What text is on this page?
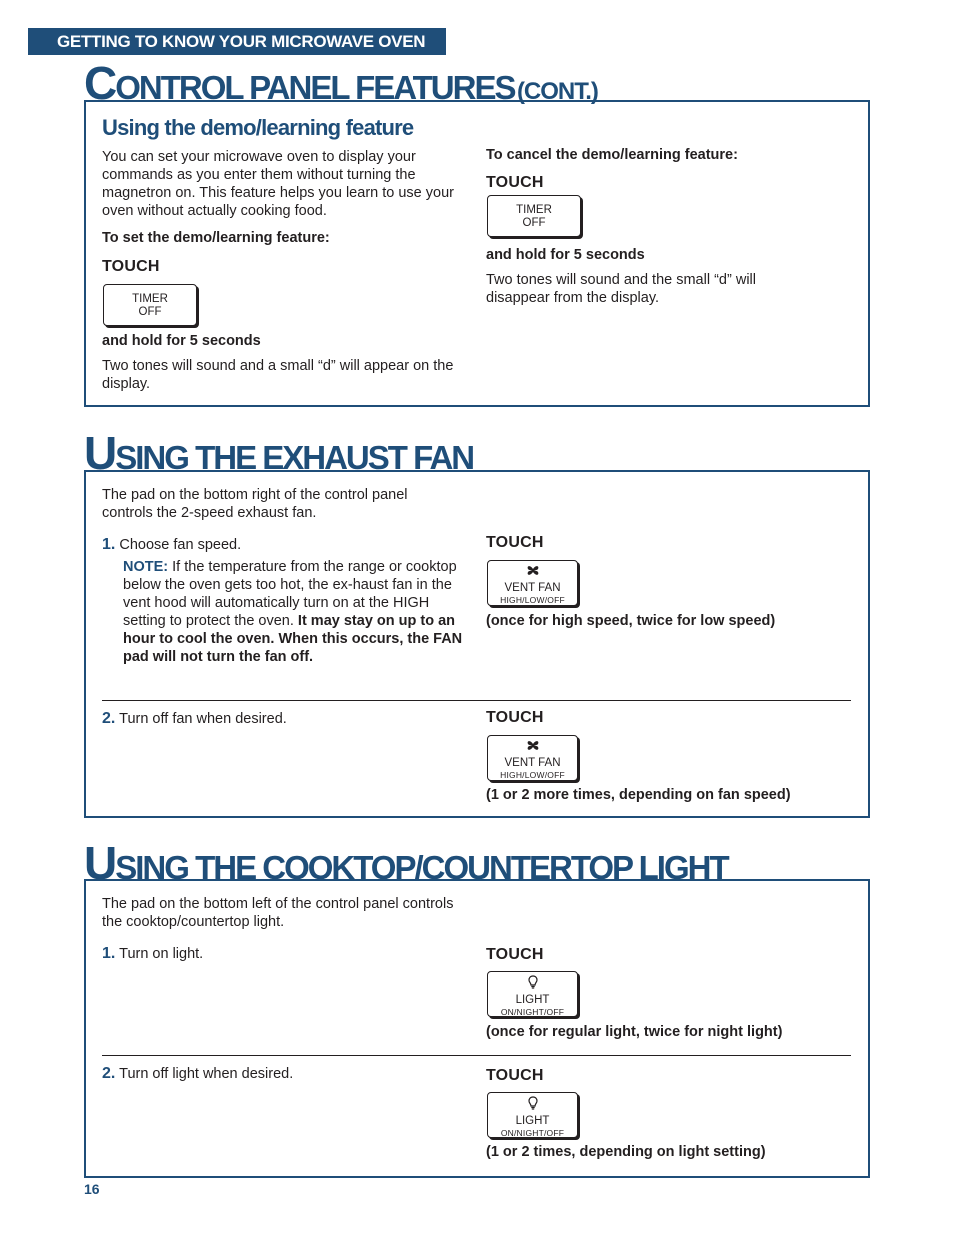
GETTING TO KNOW YOUR MICROWAVE OVEN
CONTROL PANEL FEATURES (CONT.)
Using the demo/learning feature
You can set your microwave oven to display your commands as you enter them without turning the magnetron on. This feature helps you learn to use your oven without actually cooking food.
To set the demo/learning feature:
TOUCH
TIMER
OFF
and hold for 5 seconds
Two tones will sound and a small “d” will appear on the display.
To cancel the demo/learning feature:
TOUCH
TIMER
OFF
and hold for 5 seconds
Two tones will sound and the small “d” will disappear from the display.
USING THE EXHAUST FAN
The pad on the bottom right of the control panel controls the 2-speed exhaust fan.
1. Choose fan speed.
NOTE: If the temperature from the range or cooktop below the oven gets too hot, the ex-haust fan in the vent hood will automatically turn on at the HIGH setting to protect the oven. It may stay on up to an hour to cool the oven. When this occurs, the FAN pad will not turn the fan off.
TOUCH
VENT FAN
HIGH/LOW/OFF
(once for high speed, twice for low speed)
2. Turn off fan when desired.	TOUCH
VENT FAN
HIGH/LOW/OFF
(1 or 2 more times, depending on fan speed)
USING THE COOKTOP/COUNTERTOP LIGHT
The pad on the bottom left of the control panel controls the cooktop/countertop light.
1. Turn on light.	TOUCH
LIGHT
ON/NIGHT/OFF
(once for regular light, twice for night light)
2. Turn off light when desired.	TOUCH
LIGHT
ON/NIGHT/OFF
(1 or 2 times, depending on light setting)
16
